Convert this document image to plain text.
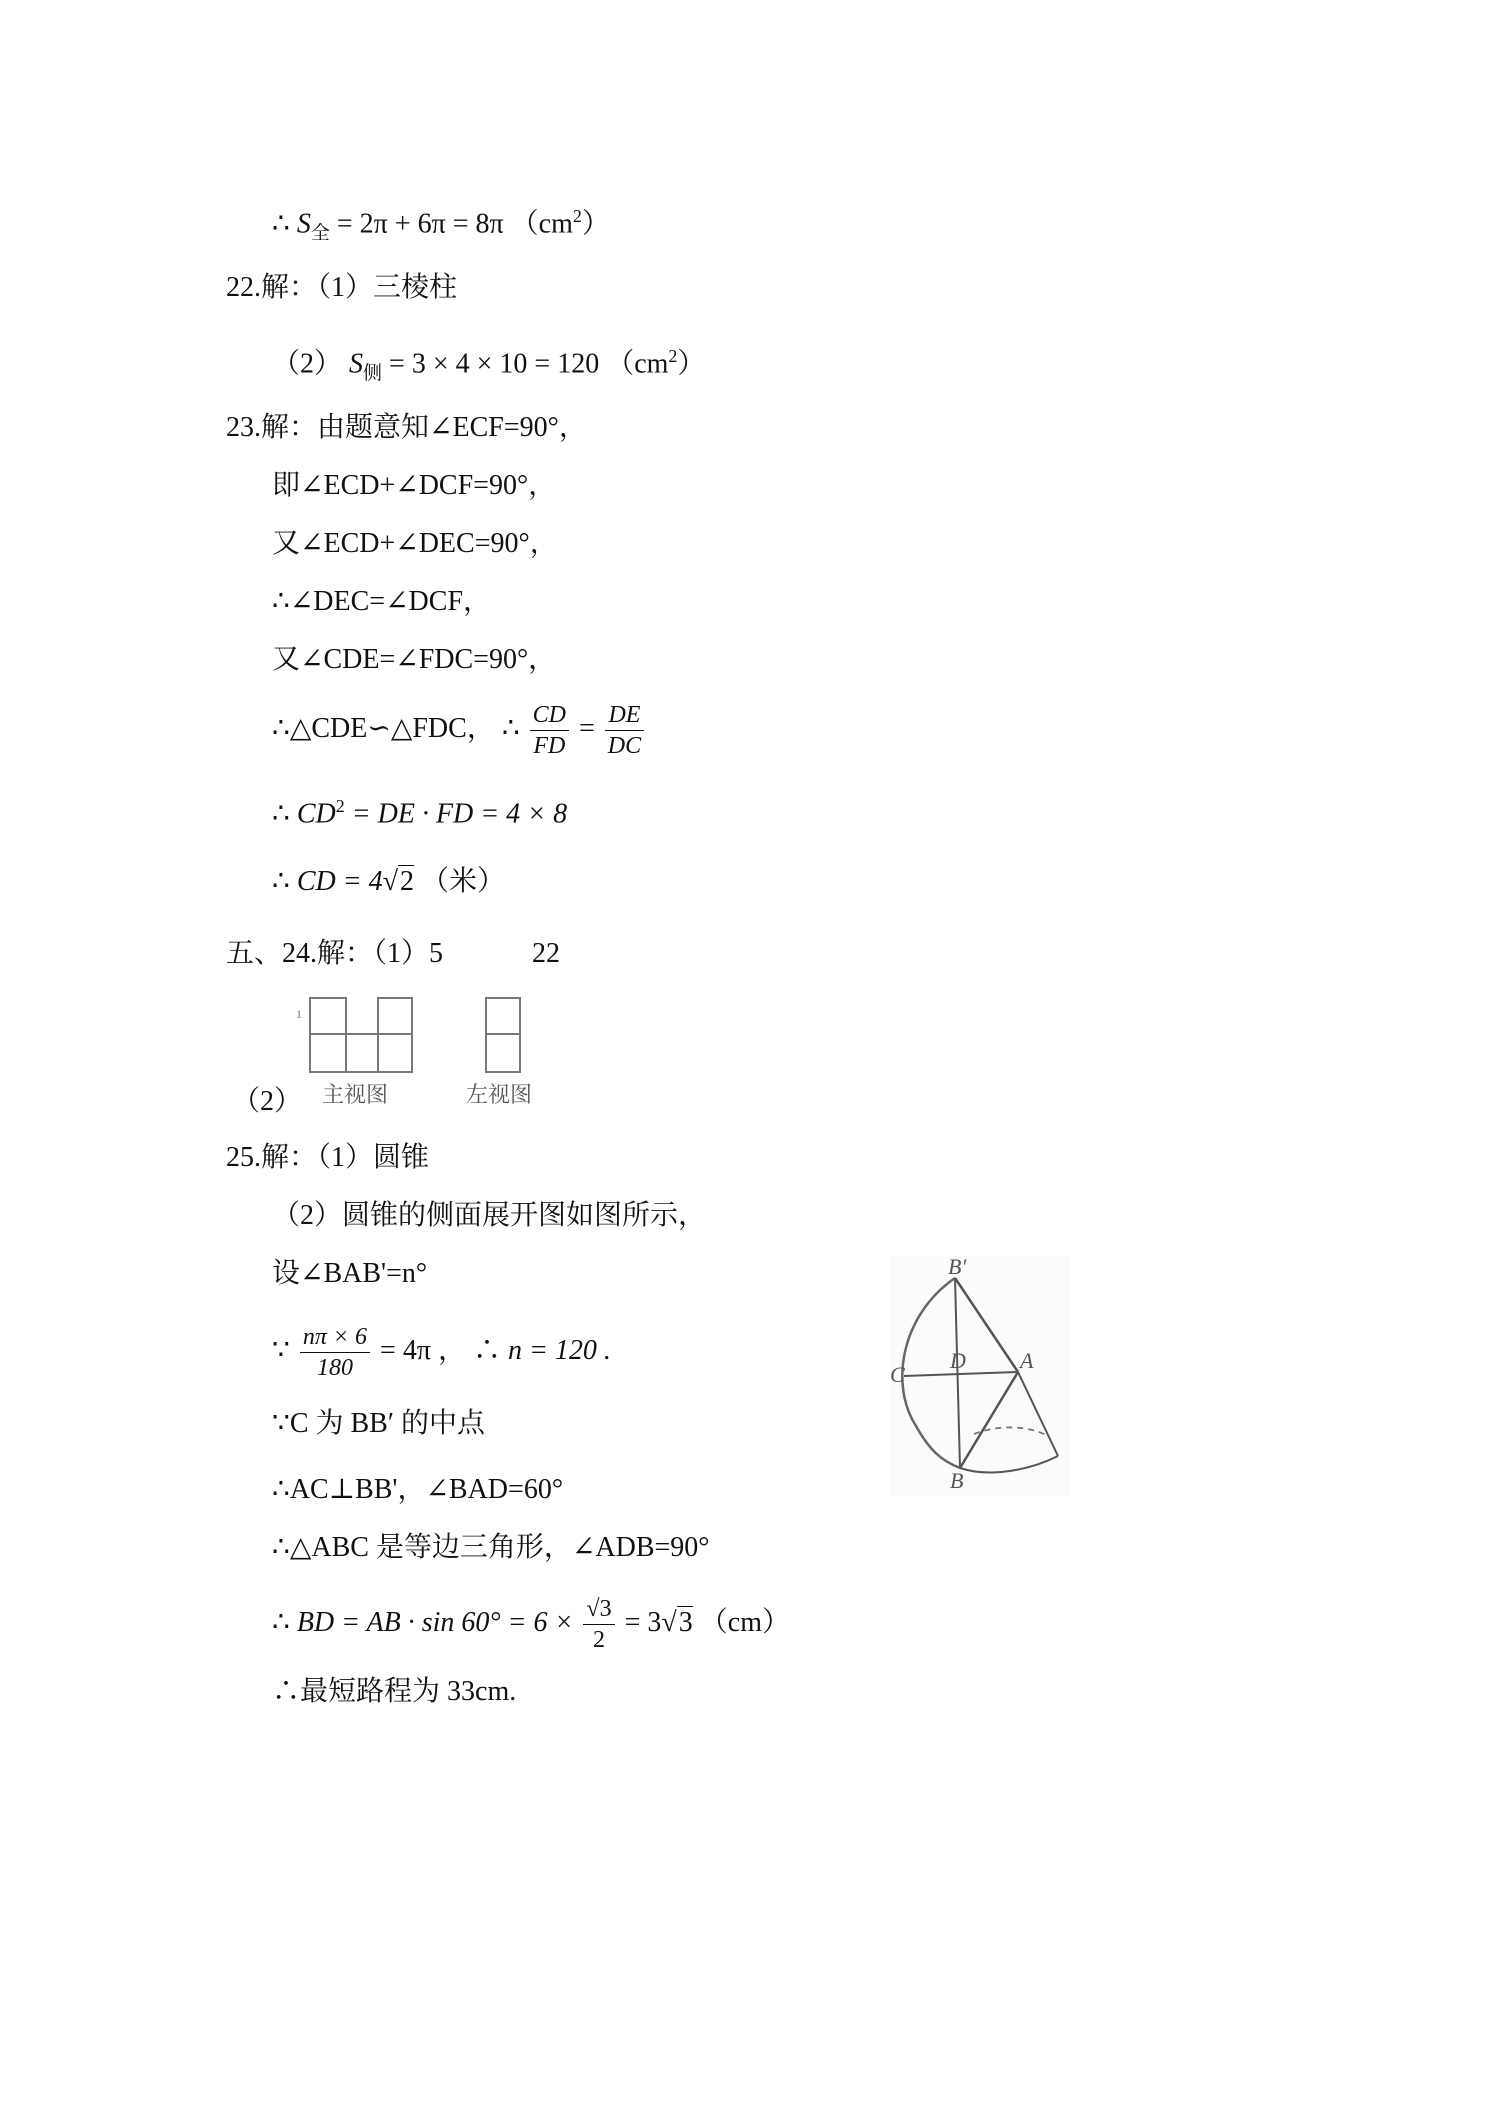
∴ $S_全 = 2\pi + 6\pi = 8\pi$ $(cm^2)$
22.解：（1）三棱柱
（2） $S_侧 = 3 \times 4 \times 10 = 120$ $(cm^2)$
23.解：由题意知∠ECF=90°，
即∠ECD+∠DCF=90°，
又∠ECD+∠DEC=90°，
∴∠DEC=∠DCF，
又∠CDE=∠FDC=90°，
∴△CDE∽△FDC， ∴ $\frac{CD}{FD} = \frac{DE}{DC}$
∴ $CD^2$ = DE · FD = 4 × 8
∴ CD = 4√2 （米）
五、24.解：（1）5	22
（2）
1
主视图	左视图
25.解：（1）圆锥
（2）圆锥的侧面展开图如图所示，
设∠BAB'=n°
∵ $\frac{n\pi \times 6}{180} = 4\pi$ ， ∴ n = 120 .
∵C 为 BB′ 的中点
∴AC⊥BB'，∠BAD=60°
∴△ABC 是等边三角形，∠ADB=90°
∴ BD = AB · $\sin 60^\circ = 6 \times \frac{√3}{2} = 3√3$ （cm）
∴最短路程为 33cm.
B′
A
B
C
D
